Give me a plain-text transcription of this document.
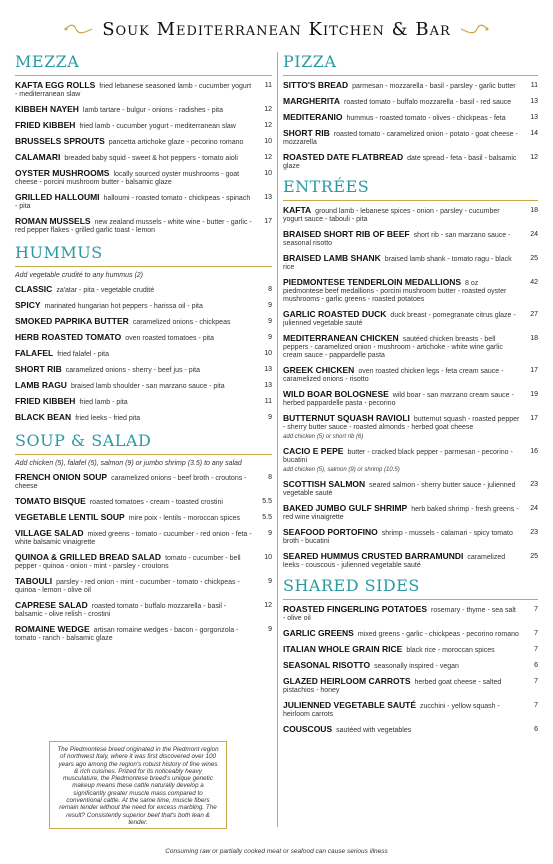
Souk Mediterranean Kitchen & Bar
MEZZA
KAFTA EGG ROLLS fried lebanese seasoned lamb - cucumber yogurt - mediterranean slaw
11
KIBBEH NAYEH lamb tartare - bulgur - onions - radishes - pita	12
FRIED KIBBEH fried lamb - cucumber yogurt - mediterranean slaw	12
BRUSSELS SPROUTS pancetta artichoke glaze - pecorino romano	10
CALAMARI breaded baby squid - sweet & hot peppers - tomato aioli	12
OYSTER MUSHROOMS locally sourced oyster mushrooms - goat cheese - porcini mushroom butter - balsamic glaze
10
GRILLED HALLOUMI halloumi - roasted tomato - chickpeas - spinach - pita
13
ROMAN MUSSELS new zealand mussels - white wine - butter - garlic - red pepper flakes - grilled garlic toast - lemon
17
HUMMUS
Add vegetable crudité to any hummus (2)
CLASSIC za'atar - pita - vegetable crudité	8
SPICY marinated hungarian hot peppers - harissa oil - pita	9
SMOKED PAPRIKA BUTTER caramelized onions - chickpeas	9
HERB ROASTED TOMATO oven roasted tomatoes - pita	9
FALAFEL fried falafel - pita	10
SHORT RIB caramelized onions - sherry - beef jus - pita	13
LAMB RAGU braised lamb shoulder - san marzano sauce - pita	13
FRIED KIBBEH fried lamb - pita	11
BLACK BEAN fried leeks - fried pita	9
SOUP & SALAD
Add chicken (5), falafel (5), salmon (9) or jumbo shrimp (3.5) to any salad
FRENCH ONION SOUP caramelized onions - beef broth - croutons - cheese
8
TOMATO BISQUE roasted tomatoes - cream - toasted crostini	5.5
VEGETABLE LENTIL SOUP mire poix - lentils - moroccan spices	5.5
VILLAGE SALAD mixed greens - tomato - cucumber - red onion - feta - white balsamic vinaigrette
9
QUINOA & GRILLED BREAD SALAD tomato - cucumber - bell pepper - quinoa - onion - mint - parsley - croutons
10
TABOULI parsley - red onion - mint - cucumber - tomato - chickpeas - quinoa - lemon - olive oil
9
CAPRESE SALAD roasted tomato - buffalo mozzarella - basil - balsamic - olive relish - crostini
12
ROMAINE WEDGE artisan romaine wedges - bacon - gorgonzola - tomato - ranch - balsamic glaze
9
The Piedmontese breed originated in the Piedmont region of northwest Italy, where it was first discovered over 100 years ago among the region's robust history of fine wines & rich cuisines. Prized for its noticeably heavy musculature, the Piedmontese breed's unique genetic makeup means these cattle naturally develop a significantly greater muscle mass compared to conventional cattle. At the same time, muscle fibers remain tender without the need for excess marbling. The result? Consistently superior beef that's both lean & tender.
PIZZA
SITTO'S BREAD parmesan - mozzarella - basil - parsley - garlic butter 11
MARGHERITA roasted tomato - buffalo mozzarella - basil - red sauce	13
MEDITERANIO hummus - roasted tomato - olives - chickpeas - feta	13
SHORT RIB roasted tomato - caramelized onion - potato - goat cheese - mozzarella
14
ROASTED DATE FLATBREAD date spread - feta - basil - balsamic glaze
12
ENTRÉES
KAFTA ground lamb - lebanese spices - onion - parsley - cucumber yogurt sauce - tabouli - pita
18
BRAISED SHORT RIB OF BEEF short rib - san marzano sauce - seasonal risotto
24
BRAISED LAMB SHANK braised lamb shank - tomato ragu - black rice
25
PIEDMONTESE TENDERLOIN MEDALLIONS 8 oz piedmontese beef medallions - porcini mushroom butter - roasted oyster mushrooms - garlic greens - roasted potatoes
42
GARLIC ROASTED DUCK duck breast - pomegranate citrus glaze - julienned vegetable sauté
27
MEDITERRANEAN CHICKEN sautéed chicken breasts - bell peppers - caramelized onion - mushroom - artichoke - white wine garlic cream sauce - pappardelle pasta
18
GREEK CHICKEN oven roasted chicken legs - feta cream sauce - caramelized onions - risotto
17
WILD BOAR BOLOGNESE wild boar - san marzano cream sauce - herbed pappardelle pasta - pecorino
19
BUTTERNUT SQUASH RAVIOLI butternut squash - roasted pepper - sherry butter sauce - roasted almonds - herbed goat cheese
17
add chicken (5) or short rib (6)
CACIO E PEPE butter - cracked black pepper - parmesan - pecorino - bucatini
16
add chicken (5), salmon (9) or shrimp (10.5)
SCOTTISH SALMON seared salmon - sherry butter sauce - julienned vegetable sauté
23
BAKED JUMBO GULF SHRIMP herb baked shrimp - fresh greens - red wine vinaigrette
24
SEAFOOD PORTOFINO shrimp - mussels - calamari - spicy tomato broth - bucatini
23
SEARED HUMMUS CRUSTED BARRAMUNDI caramelized leeks - couscous - julienned vegetable sauté
25
SHARED SIDES
ROASTED FINGERLING POTATOES rosemary - thyme - sea salt - olive oil
7
GARLIC GREENS mixed greens - garlic - chickpeas - pecorino romano 7
ITALIAN WHOLE GRAIN RICE black rice - moroccan spices	7
SEASONAL RISOTTO seasonally inspired - vegan	6
GLAZED HEIRLOOM CARROTS herbed goat cheese - salted pistachios - honey
7
JULIENNED VEGETABLE SAUTÉ zucchini - yellow squash - heirloom carrots
7
COUSCOUS sautéed with vegetables	6
Consuming raw or partially cooked meat or seafood can cause serious illness
